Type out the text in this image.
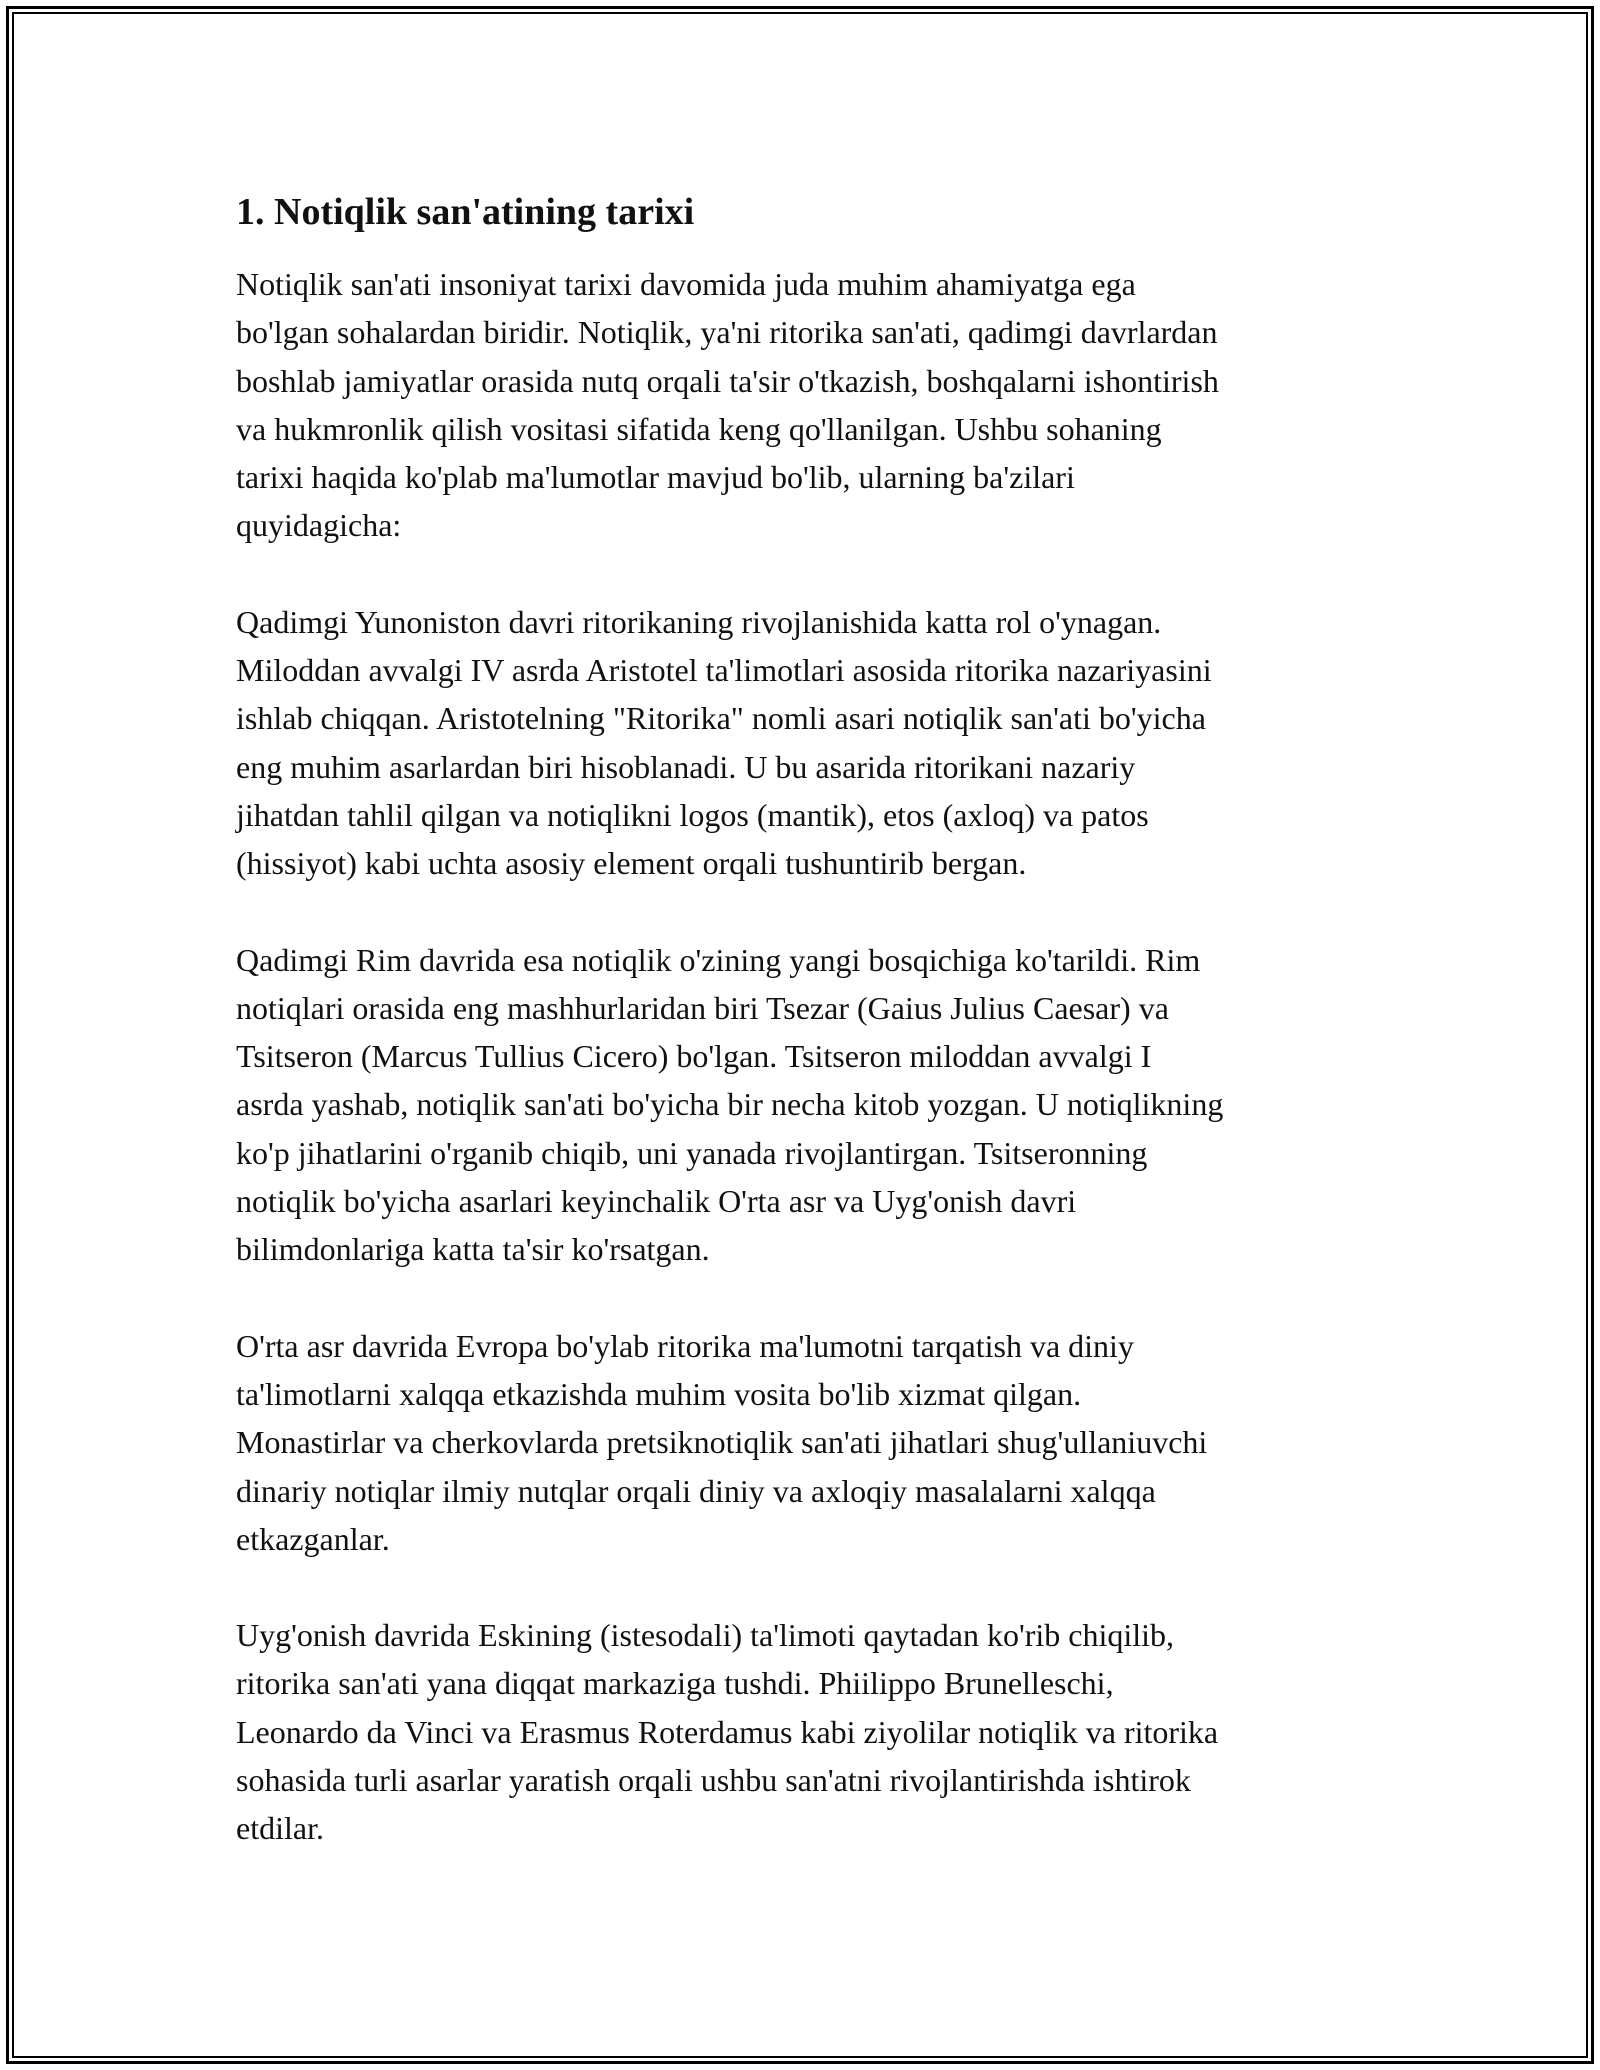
1. Notiqlik san'atining tarixi

Notiqlik san'ati insoniyat tarixi davomida juda muhim ahamiyatga ega
bo'lgan sohalardan biridir. Notiqlik, ya'ni ritorika san'ati, qadimgi davrlardan
boshlab jamiyatlar orasida nutq orqali ta'sir o'tkazish, boshqalarni ishontirish
va hukmronlik qilish vositasi sifatida keng qo'llanilgan. Ushbu sohaning
tarixi haqida ko'plab ma'lumotlar mavjud bo'lib, ularning ba'zilari
quyidagicha:

Qadimgi Yunoniston davri ritorikaning rivojlanishida katta rol o'ynagan.
Miloddan avvalgi IV asrda Aristotel ta'limotlari asosida ritorika nazariyasini
ishlab chiqqan. Aristotelning "Ritorika" nomli asari notiqlik san'ati bo'yicha
eng muhim asarlardan biri hisoblanadi. U bu asarida ritorikani nazariy
jihatdan tahlil qilgan va notiqlikni logos (mantik), etos (axloq) va patos
(hissiyot) kabi uchta asosiy element orqali tushuntirib bergan.

Qadimgi Rim davrida esa notiqlik o'zining yangi bosqichiga ko'tarildi. Rim
notiqlari orasida eng mashhurlaridan biri Tsezar (Gaius Julius Caesar) va
Tsitseron (Marcus Tullius Cicero) bo'lgan. Tsitseron miloddan avvalgi I
asrda yashab, notiqlik san'ati bo'yicha bir necha kitob yozgan. U notiqlikning
ko'p jihatlarini o'rganib chiqib, uni yanada rivojlantirgan. Tsitseronning
notiqlik bo'yicha asarlari keyinchalik O'rta asr va Uyg'onish davri
bilimdonlariga katta ta'sir ko'rsatgan.

O'rta asr davrida Evropa bo'ylab ritorika ma'lumotni tarqatish va diniy
ta'limotlarni xalqqa etkazishda muhim vosita bo'lib xizmat qilgan.
Monastirlar va cherkovlarda pretsiknotiqlik san'ati jihatlari shug'ullaniuvchi
dinariy notiqlar ilmiy nutqlar orqali diniy va axloqiy masalalarni xalqqa
etkazganlar.

Uyg'onish davrida Eskining (istesodali) ta'limoti qaytadan ko'rib chiqilib,
ritorika san'ati yana diqqat markaziga tushdi. Phiilippo Brunelleschi,
Leonardo da Vinci va Erasmus Roterdamus kabi ziyolilar notiqlik va ritorika
sohasida turli asarlar yaratish orqali ushbu san'atni rivojlantirishda ishtirok
etdilar.
